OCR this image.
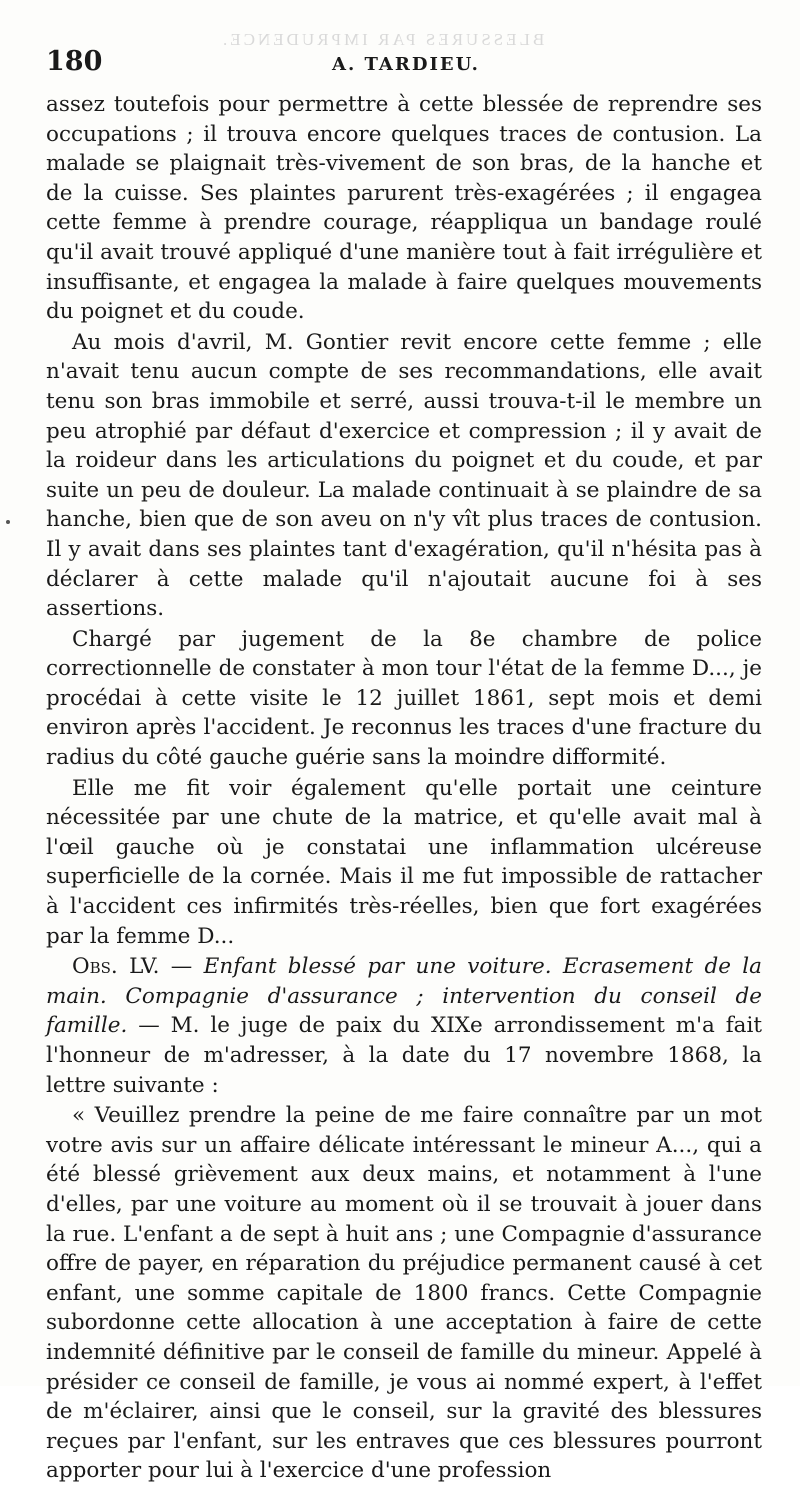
BLESSURES PAR IMPRUDENCE.
180	A. TARDIEU.

assez toutefois pour permettre à cette blessée de reprendre ses occupations ; il trouva encore quelques traces de contusion. La malade se plaignait très-vivement de son bras, de la hanche et de la cuisse. Ses plaintes parurent très-exagérées ; il engagea cette femme à prendre courage, réappliqua un bandage roulé qu'il avait trouvé appliqué d'une manière tout à fait irrégulière et insuffisante, et engagea la malade à faire quelques mouvements du poignet et du coude.

Au mois d'avril, M. Gontier revit encore cette femme ; elle n'avait tenu aucun compte de ses recommandations, elle avait tenu son bras immobile et serré, aussi trouva-t-il le membre un peu atrophié par défaut d'exercice et compression ; il y avait de la roideur dans les articulations du poignet et du coude, et par suite un peu de douleur. La malade continuait à se plaindre de sa hanche, bien que de son aveu on n'y vît plus traces de contusion. Il y avait dans ses plaintes tant d'exagération, qu'il n'hésita pas à déclarer à cette malade qu'il n'ajoutait aucune foi à ses assertions.

Chargé par jugement de la 8e chambre de police correctionnelle de constater à mon tour l'état de la femme D..., je procédai à cette visite le 12 juillet 1861, sept mois et demi environ après l'accident. Je reconnus les traces d'une fracture du radius du côté gauche guérie sans la moindre difformité.

Elle me fit voir également qu'elle portait une ceinture nécessitée par une chute de la matrice, et qu'elle avait mal à l'œil gauche où je constatai une inflammation ulcéreuse superficielle de la cornée. Mais il me fut impossible de rattacher à l'accident ces infirmités très-réelles, bien que fort exagérées par la femme D...

Obs. LV. — Enfant blessé par une voiture. Ecrasement de la main. Compagnie d'assurance ; intervention du conseil de famille. — M. le juge de paix du XIXe arrondissement m'a fait l'honneur de m'adresser, à la date du 17 novembre 1868, la lettre suivante :

« Veuillez prendre la peine de me faire connaître par un mot votre avis sur un affaire délicate intéressant le mineur A..., qui a été blessé grièvement aux deux mains, et notamment à l'une d'elles, par une voiture au moment où il se trouvait à jouer dans la rue. L'enfant a de sept à huit ans ; une Compagnie d'assurance offre de payer, en réparation du préjudice permanent causé à cet enfant, une somme capitale de 1800 francs. Cette Compagnie subordonne cette allocation à une acceptation à faire de cette indemnité définitive par le conseil de famille du mineur. Appelé à présider ce conseil de famille, je vous ai nommé expert, à l'effet de m'éclairer, ainsi que le conseil, sur la gravité des blessures reçues par l'enfant, sur les entraves que ces blessures pourront apporter pour lui à l'exercice d'une profession
